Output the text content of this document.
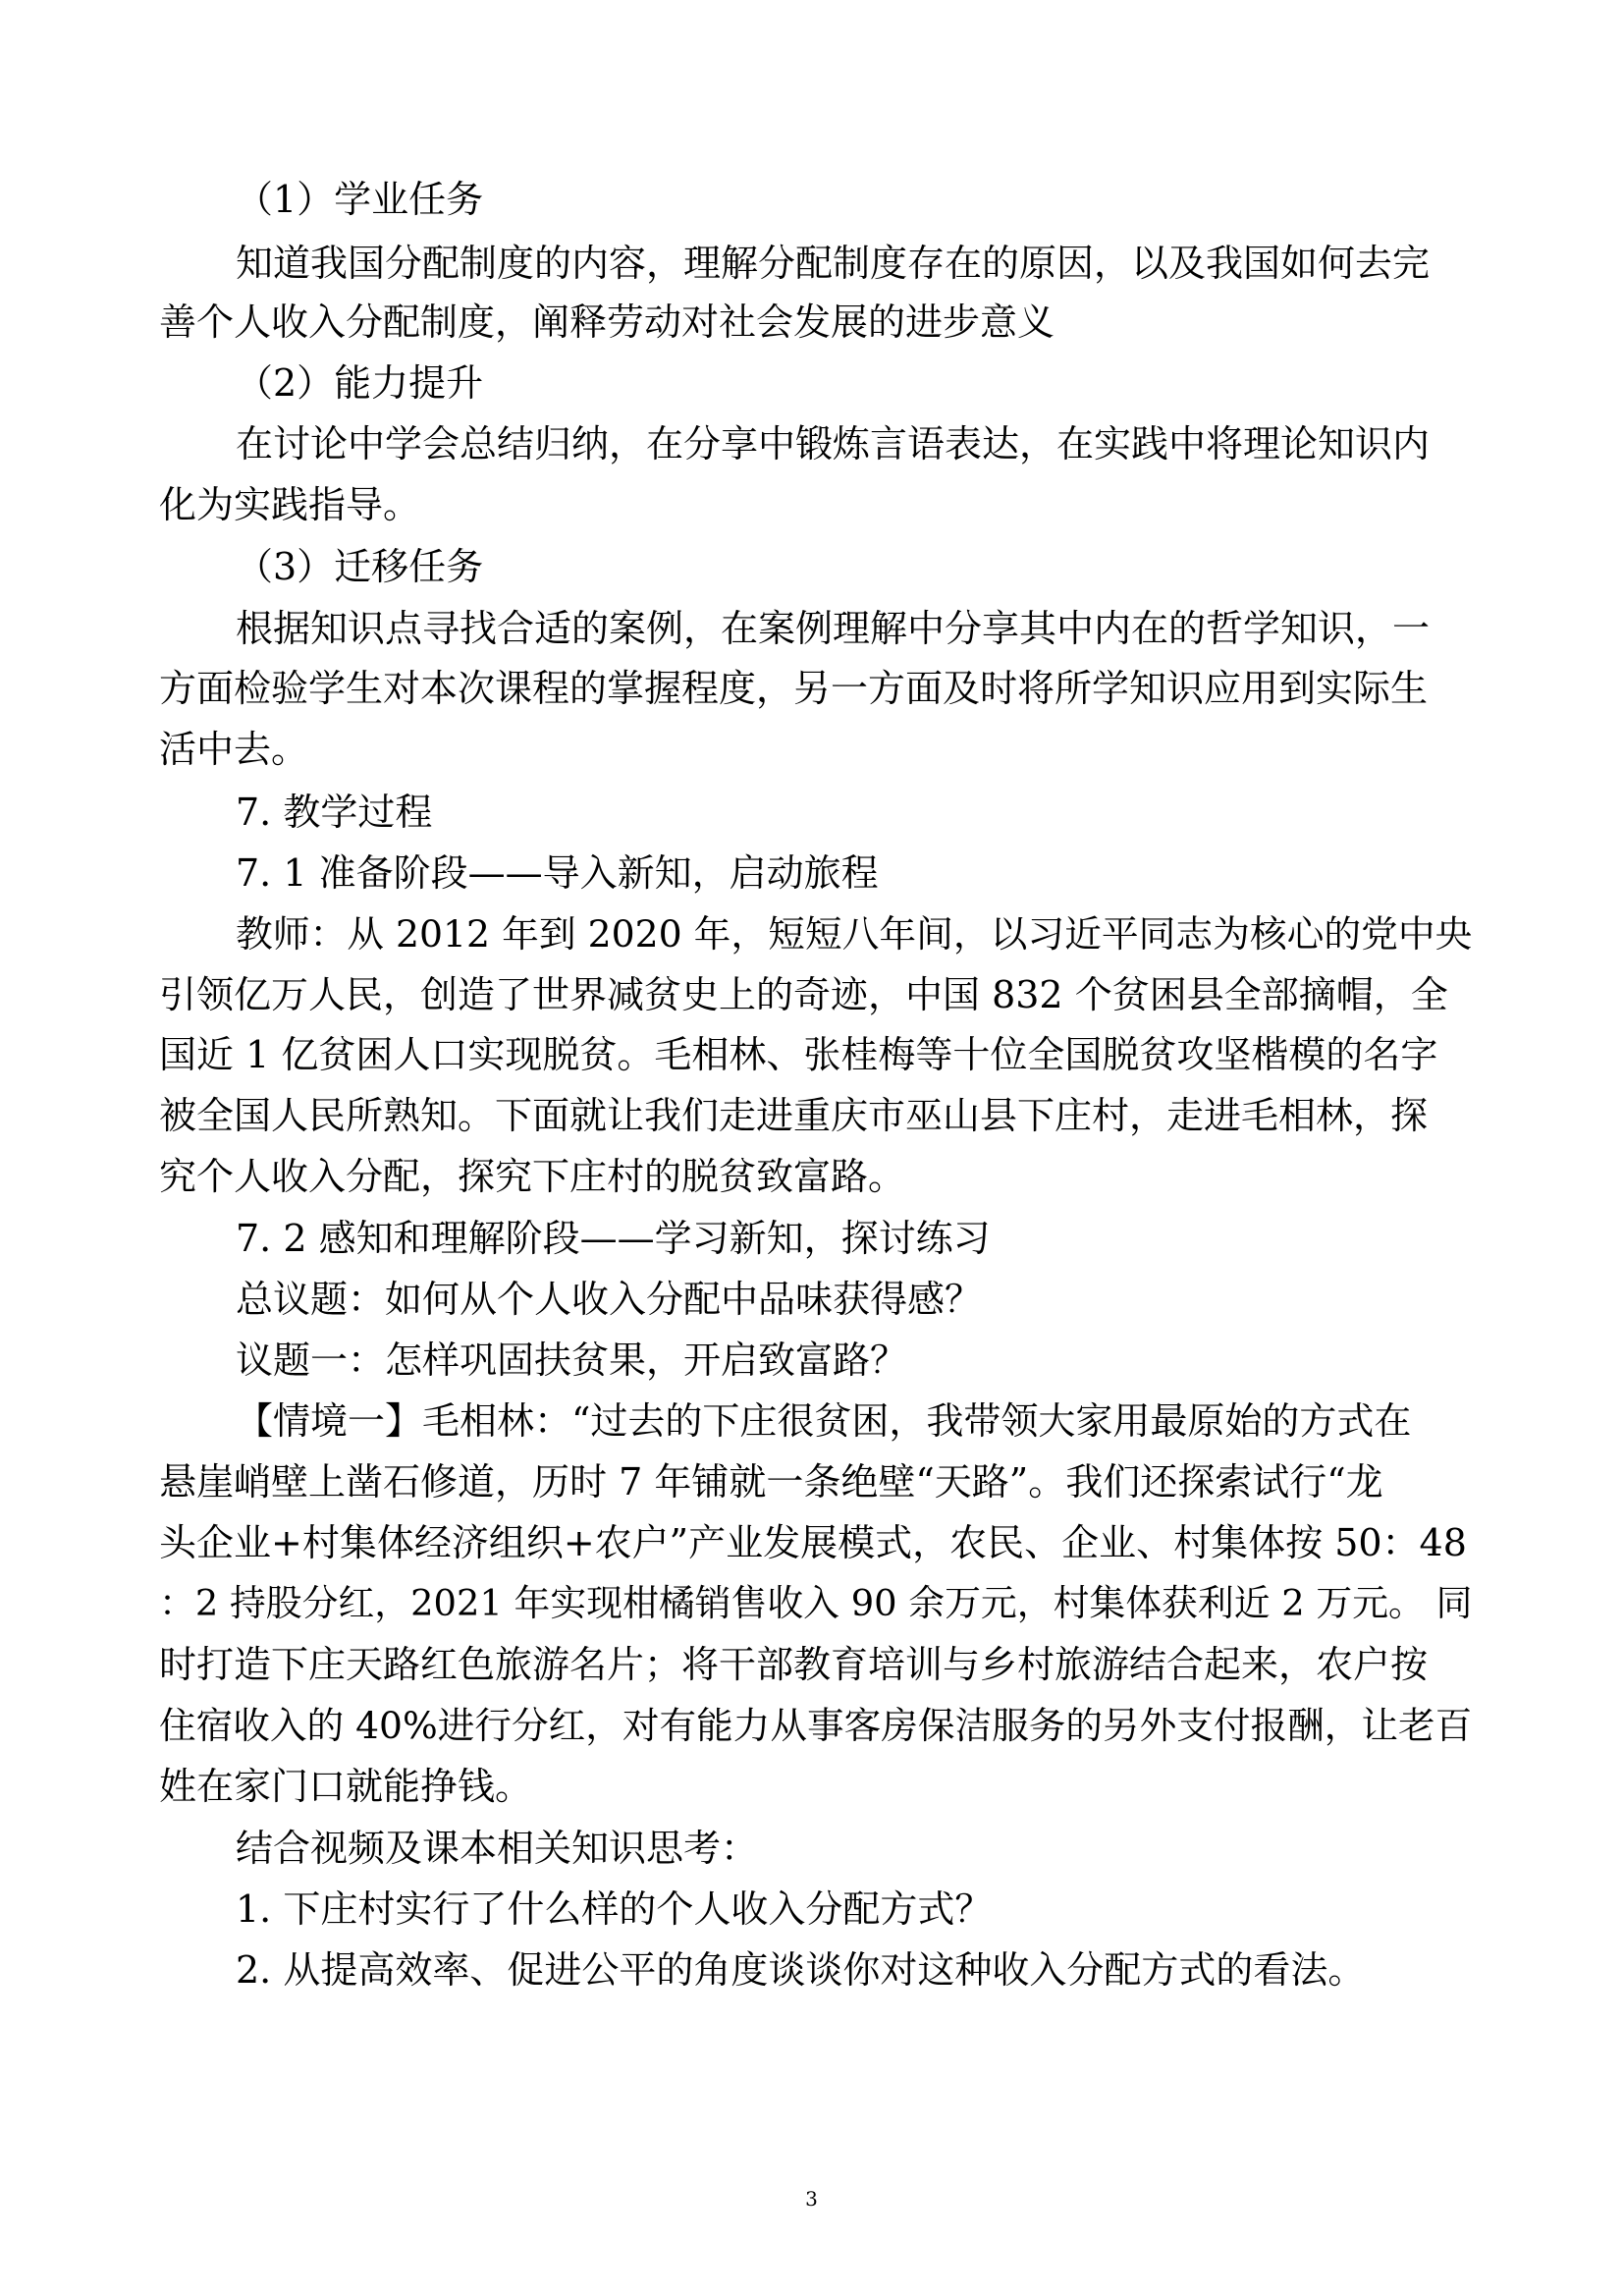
（1）学业任务
知道我国分配制度的内容，理解分配制度存在的原因，以及我国如何去完
善个人收入分配制度，阐释劳动对社会发展的进步意义
（2）能力提升
在讨论中学会总结归纳，在分享中锻炼言语表达，在实践中将理论知识内
化为实践指导。
（3）迁移任务
根据知识点寻找合适的案例，在案例理解中分享其中内在的哲学知识，一
方面检验学生对本次课程的掌握程度，另一方面及时将所学知识应用到实际生
活中去。
7. 教学过程
7. 1 准备阶段——导入新知，启动旅程
教师：从 2012 年到 2020 年，短短八年间，以习近平同志为核心的党中央
引领亿万人民，创造了世界减贫史上的奇迹，中国 832 个贫困县全部摘帽，全
国近 1 亿贫困人口实现脱贫。毛相林、张桂梅等十位全国脱贫攻坚楷模的名字
被全国人民所熟知。下面就让我们走进重庆市巫山县下庄村，走进毛相林，探
究个人收入分配，探究下庄村的脱贫致富路。
7. 2 感知和理解阶段——学习新知，探讨练习
总议题：如何从个人收入分配中品味获得感？
议题一：怎样巩固扶贫果，开启致富路？
【情境一】毛相林：“过去的下庄很贫困，我带领大家用最原始的方式在
悬崖峭壁上凿石修道，历时 7 年铺就一条绝壁“天路”。我们还探索试行“龙
头企业+村集体经济组织+农户”产业发展模式，农民、企业、村集体按 50：48
：2 持股分红，2021 年实现柑橘销售收入 90 余万元，村集体获利近 2 万元。 同
时打造下庄天路红色旅游名片；将干部教育培训与乡村旅游结合起来，农户按
住宿收入的 40%进行分红，对有能力从事客房保洁服务的另外支付报酬，让老百
姓在家门口就能挣钱。
结合视频及课本相关知识思考：
1. 下庄村实行了什么样的个人收入分配方式？
2. 从提高效率、促进公平的角度谈谈你对这种收入分配方式的看法。
3
